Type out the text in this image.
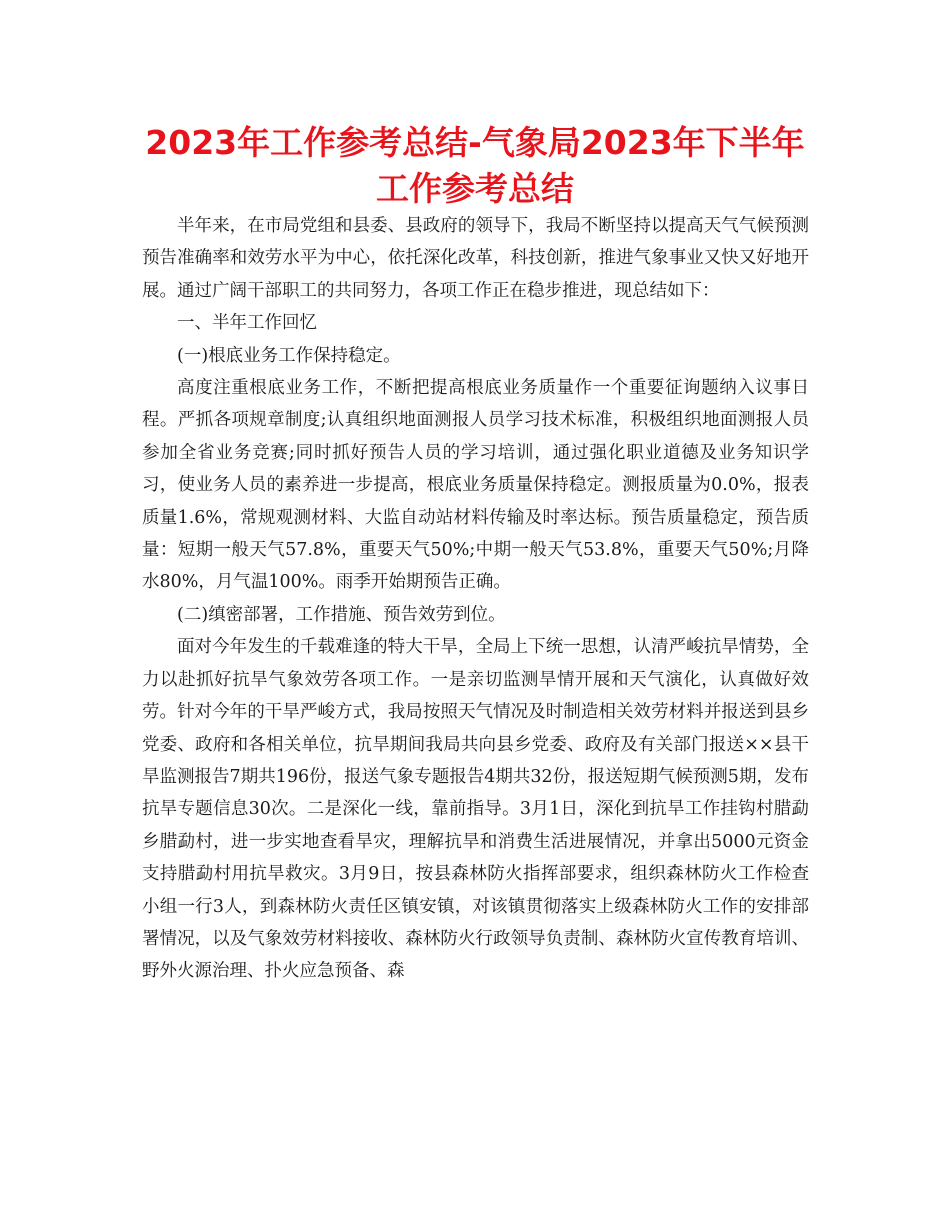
2023年工作参考总结-气象局2023年下半年工作参考总结

半年来，在市局党组和县委、县政府的领导下，我局不断坚持以提高天气气候预测预告准确率和效劳水平为中心，依托深化改革，科技创新，推进气象事业又快又好地开展。通过广阔干部职工的共同努力，各项工作正在稳步推进，现总结如下：

一、半年工作回忆

(一)根底业务工作保持稳定。

高度注重根底业务工作，不断把提高根底业务质量作一个重要征询题纳入议事日程。严抓各项规章制度;认真组织地面测报人员学习技术标准，积极组织地面测报人员参加全省业务竞赛;同时抓好预告人员的学习培训，通过强化职业道德及业务知识学习，使业务人员的素养进一步提高，根底业务质量保持稳定。测报质量为0.0%，报表质量1.6%，常规观测材料、大监自动站材料传输及时率达标。预告质量稳定，预告质量：短期一般天气57.8%，重要天气50%;中期一般天气53.8%，重要天气50%;月降水80%，月气温100%。雨季开始期预告正确。

(二)缜密部署，工作措施、预告效劳到位。

面对今年发生的千载难逢的特大干旱，全局上下统一思想，认清严峻抗旱情势，全力以赴抓好抗旱气象效劳各项工作。一是亲切监测旱情开展和天气演化，认真做好效劳。针对今年的干旱严峻方式，我局按照天气情况及时制造相关效劳材料并报送到县乡党委、政府和各相关单位，抗旱期间我局共向县乡党委、政府及有关部门报送××县干旱监测报告7期共196份，报送气象专题报告4期共32份，报送短期气候预测5期，发布抗旱专题信息30次。二是深化一线，靠前指导。3月1日，深化到抗旱工作挂钩村腊勐乡腊勐村，进一步实地查看旱灾，理解抗旱和消费生活进展情况，并拿出5000元资金支持腊勐村用抗旱救灾。3月9日，按县森林防火指挥部要求，组织森林防火工作检查小组一行3人，到森林防火责任区镇安镇，对该镇贯彻落实上级森林防火工作的安排部署情况，以及气象效劳材料接收、森林防火行政领导负责制、森林防火宣传教育培训、野外火源治理、扑火应急预备、森
